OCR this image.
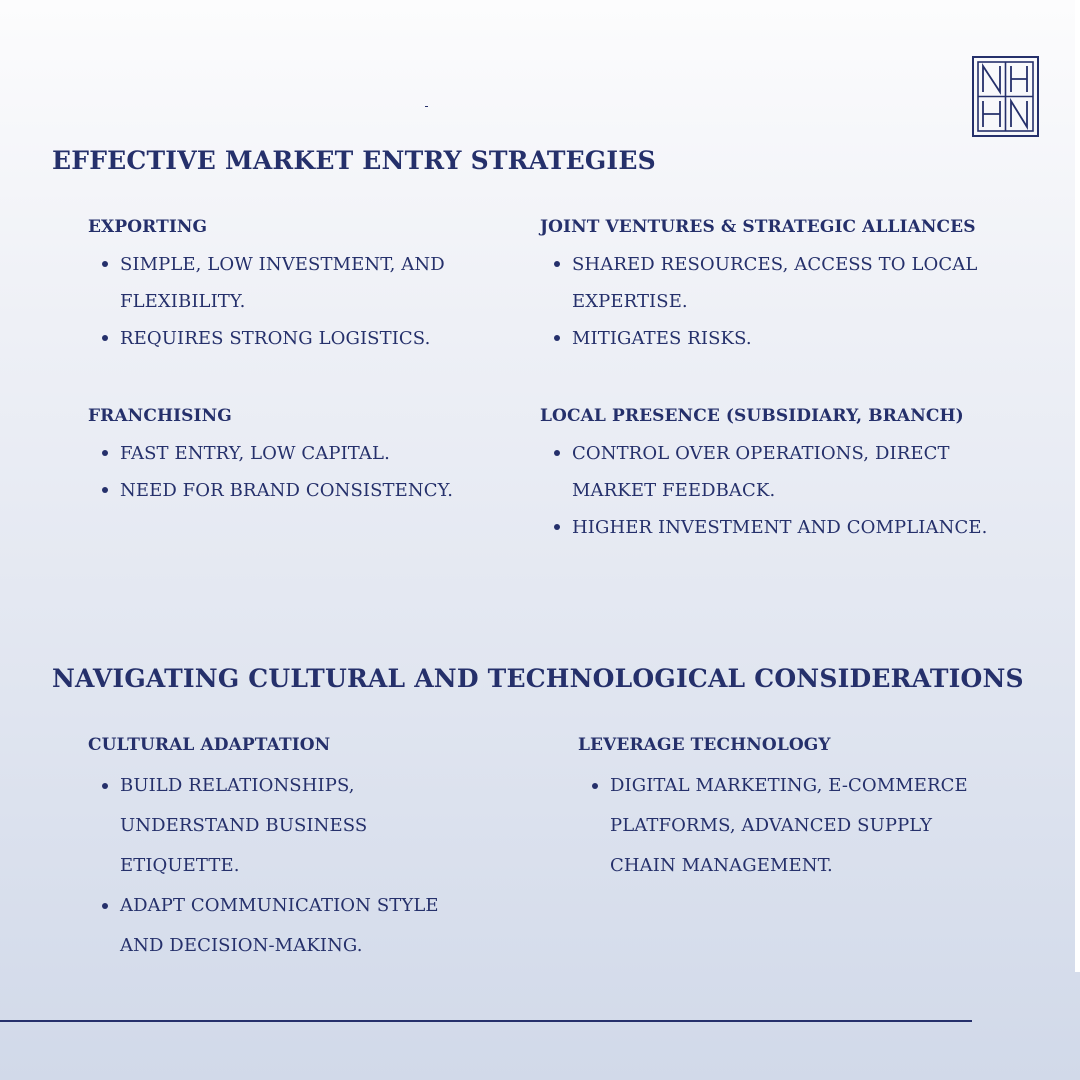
EFFECTIVE MARKET ENTRY STRATEGIES
EXPORTING
SIMPLE, LOW INVESTMENT, AND FLEXIBILITY.
REQUIRES STRONG LOGISTICS.
JOINT VENTURES & STRATEGIC ALLIANCES
SHARED RESOURCES, ACCESS TO LOCAL EXPERTISE.
MITIGATES RISKS.
FRANCHISING
FAST ENTRY, LOW CAPITAL.
NEED FOR BRAND CONSISTENCY.
LOCAL PRESENCE (SUBSIDIARY, BRANCH)
CONTROL OVER OPERATIONS, DIRECT MARKET FEEDBACK.
HIGHER INVESTMENT AND COMPLIANCE.
NAVIGATING CULTURAL AND TECHNOLOGICAL CONSIDERATIONS
CULTURAL ADAPTATION
BUILD RELATIONSHIPS, UNDERSTAND BUSINESS ETIQUETTE.
ADAPT COMMUNICATION STYLE AND DECISION-MAKING.
LEVERAGE TECHNOLOGY
DIGITAL MARKETING, E-COMMERCE PLATFORMS, ADVANCED SUPPLY CHAIN MANAGEMENT.
